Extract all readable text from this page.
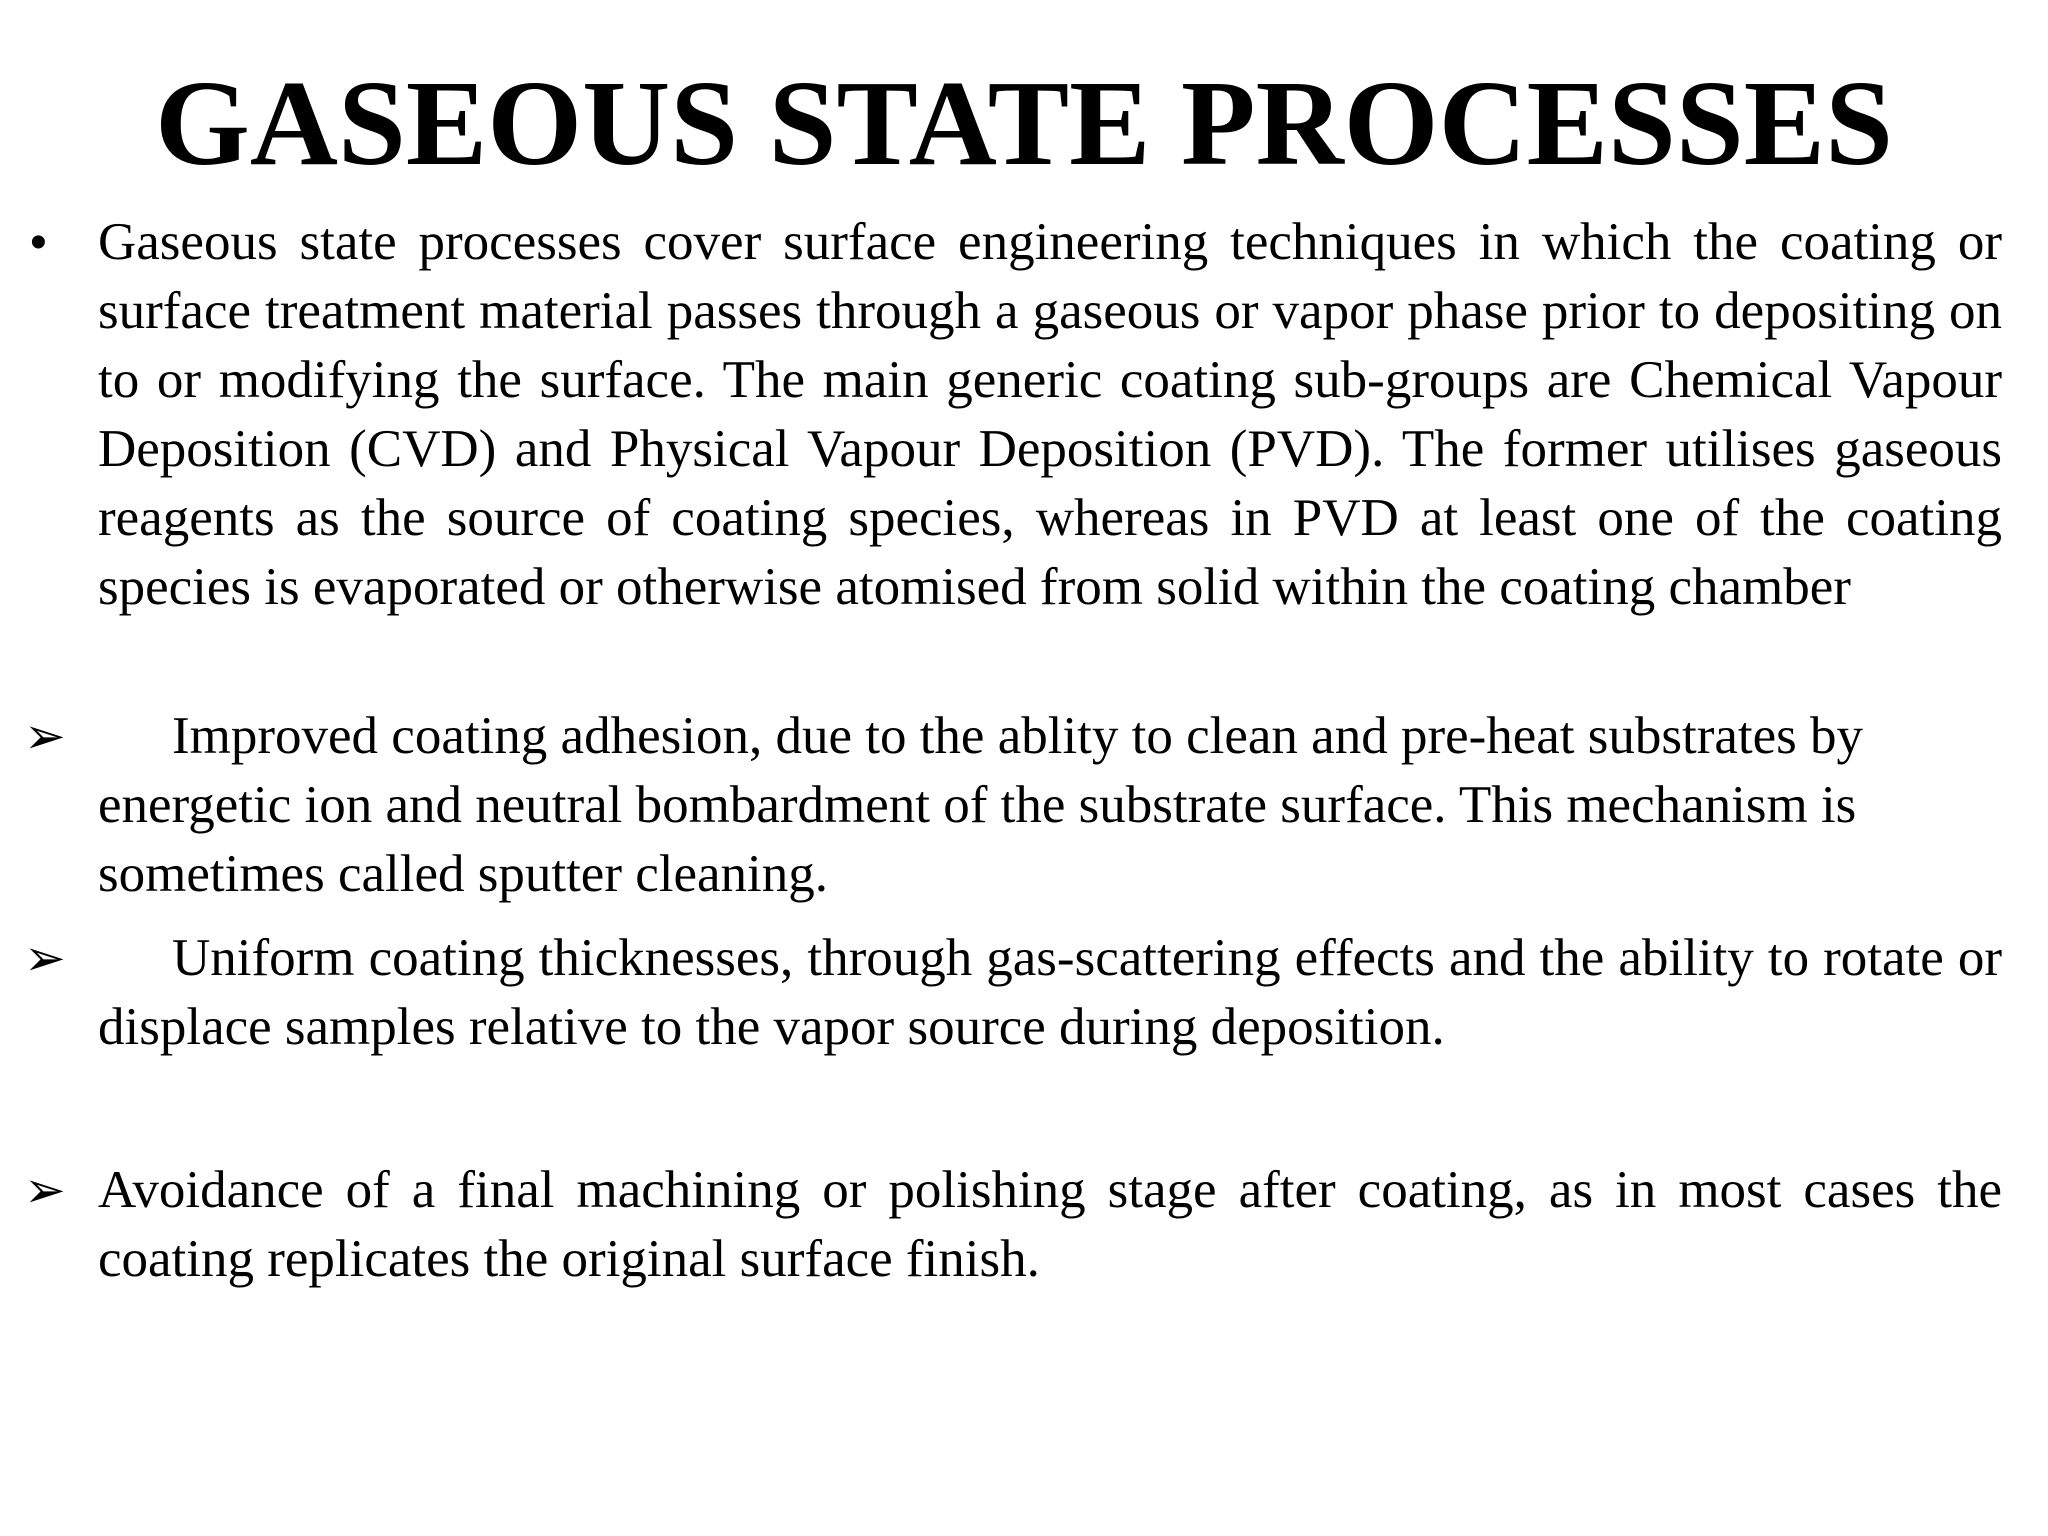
GASEOUS STATE PROCESSES
• Gaseous state processes cover surface engineering techniques in which the coating or surface treatment material passes through a gaseous or vapor phase prior to depositing on to or modifying the surface. The main generic coating sub-groups are Chemical Vapour Deposition (CVD) and Physical Vapour Deposition (PVD). The former utilises gaseous reagents as the source of coating species, whereas in PVD at least one of the coating species is evaporated or otherwise atomised from solid within the coating chamber

➢	Improved coating adhesion, due to the ablity to clean and pre-heat substrates by energetic ion and neutral bombardment of the substrate surface. This mechanism is sometimes called sputter cleaning.

➢	Uniform coating thicknesses, through gas-scattering effects and the ability to rotate or displace samples relative to the vapor source during deposition.

➢ Avoidance of a final machining or polishing stage after coating, as in most cases the coating replicates the original surface finish.
